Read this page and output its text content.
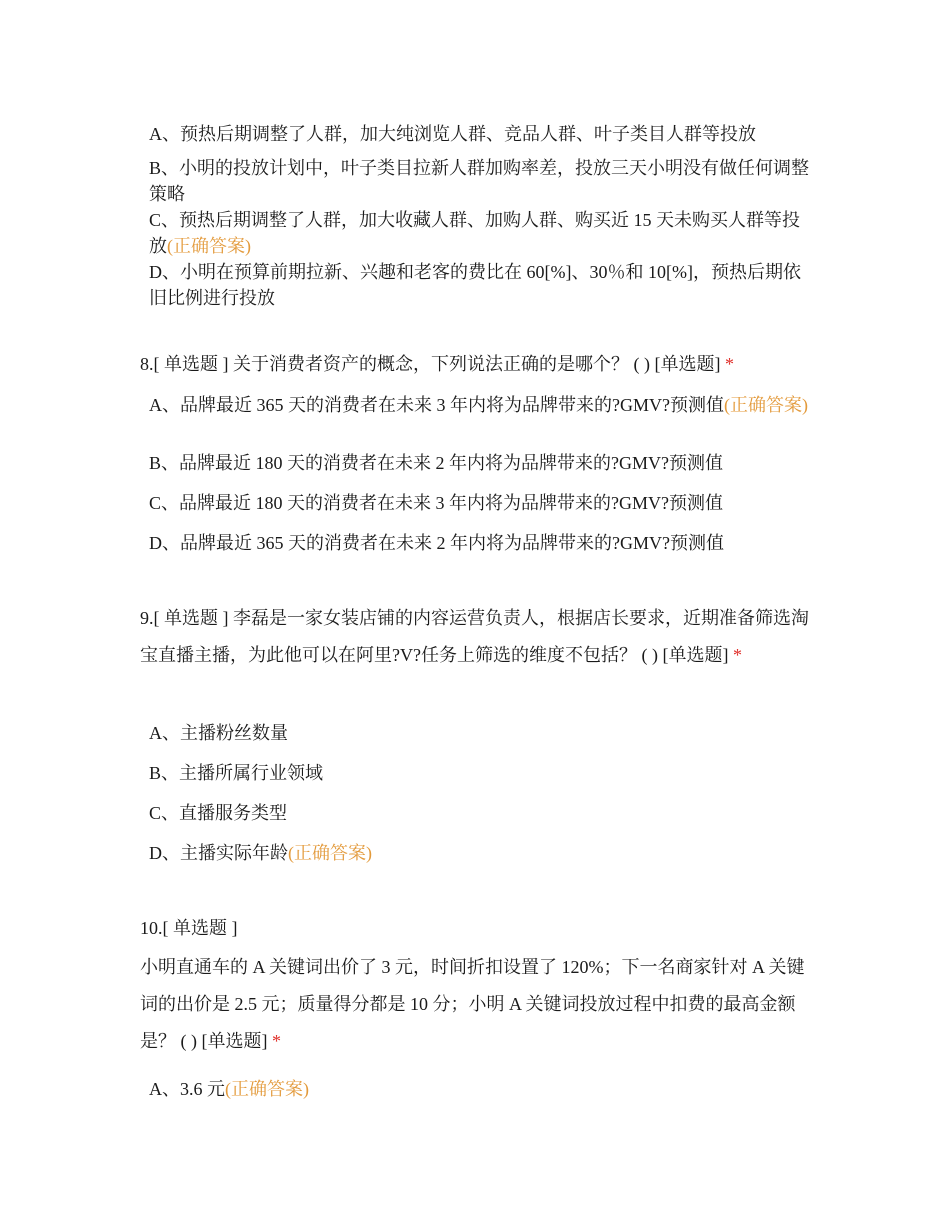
A、预热后期调整了人群，加大纯浏览人群、竞品人群、叶子类目人群等投放
B、小明的投放计划中，叶子类目拉新人群加购率差，投放三天小明没有做任何调整策略
C、预热后期调整了人群，加大收藏人群、加购人群、购买近 15 天未购买人群等投放(正确答案)
D、小明在预算前期拉新、兴趣和老客的费比在 60[%]、30％和 10[%]，预热后期依旧比例进行投放
8.[ 单选题 ] 关于消费者资产的概念，下列说法正确的是哪个？ ( ) [单选题] *
A、品牌最近 365 天的消费者在未来 3 年内将为品牌带来的?GMV?预测值(正确答案)
B、品牌最近 180 天的消费者在未来 2 年内将为品牌带来的?GMV?预测值
C、品牌最近 180 天的消费者在未来 3 年内将为品牌带来的?GMV?预测值
D、品牌最近 365 天的消费者在未来 2 年内将为品牌带来的?GMV?预测值
9.[ 单选题 ] 李磊是一家女装店铺的内容运营负责人，根据店长要求，近期准备筛选淘宝直播主播，为此他可以在阿里?V?任务上筛选的维度不包括？ ( ) [单选题] *
A、主播粉丝数量
B、主播所属行业领域
C、直播服务类型
D、主播实际年龄(正确答案)
10.[ 单选题 ]
小明直通车的 A 关键词出价了 3 元，时间折扣设置了 120%；下一名商家针对 A 关键词的出价是 2.5 元；质量得分都是 10 分；小明 A 关键词投放过程中扣费的最高金额是？ ( ) [单选题] *
A、3.6 元(正确答案)
